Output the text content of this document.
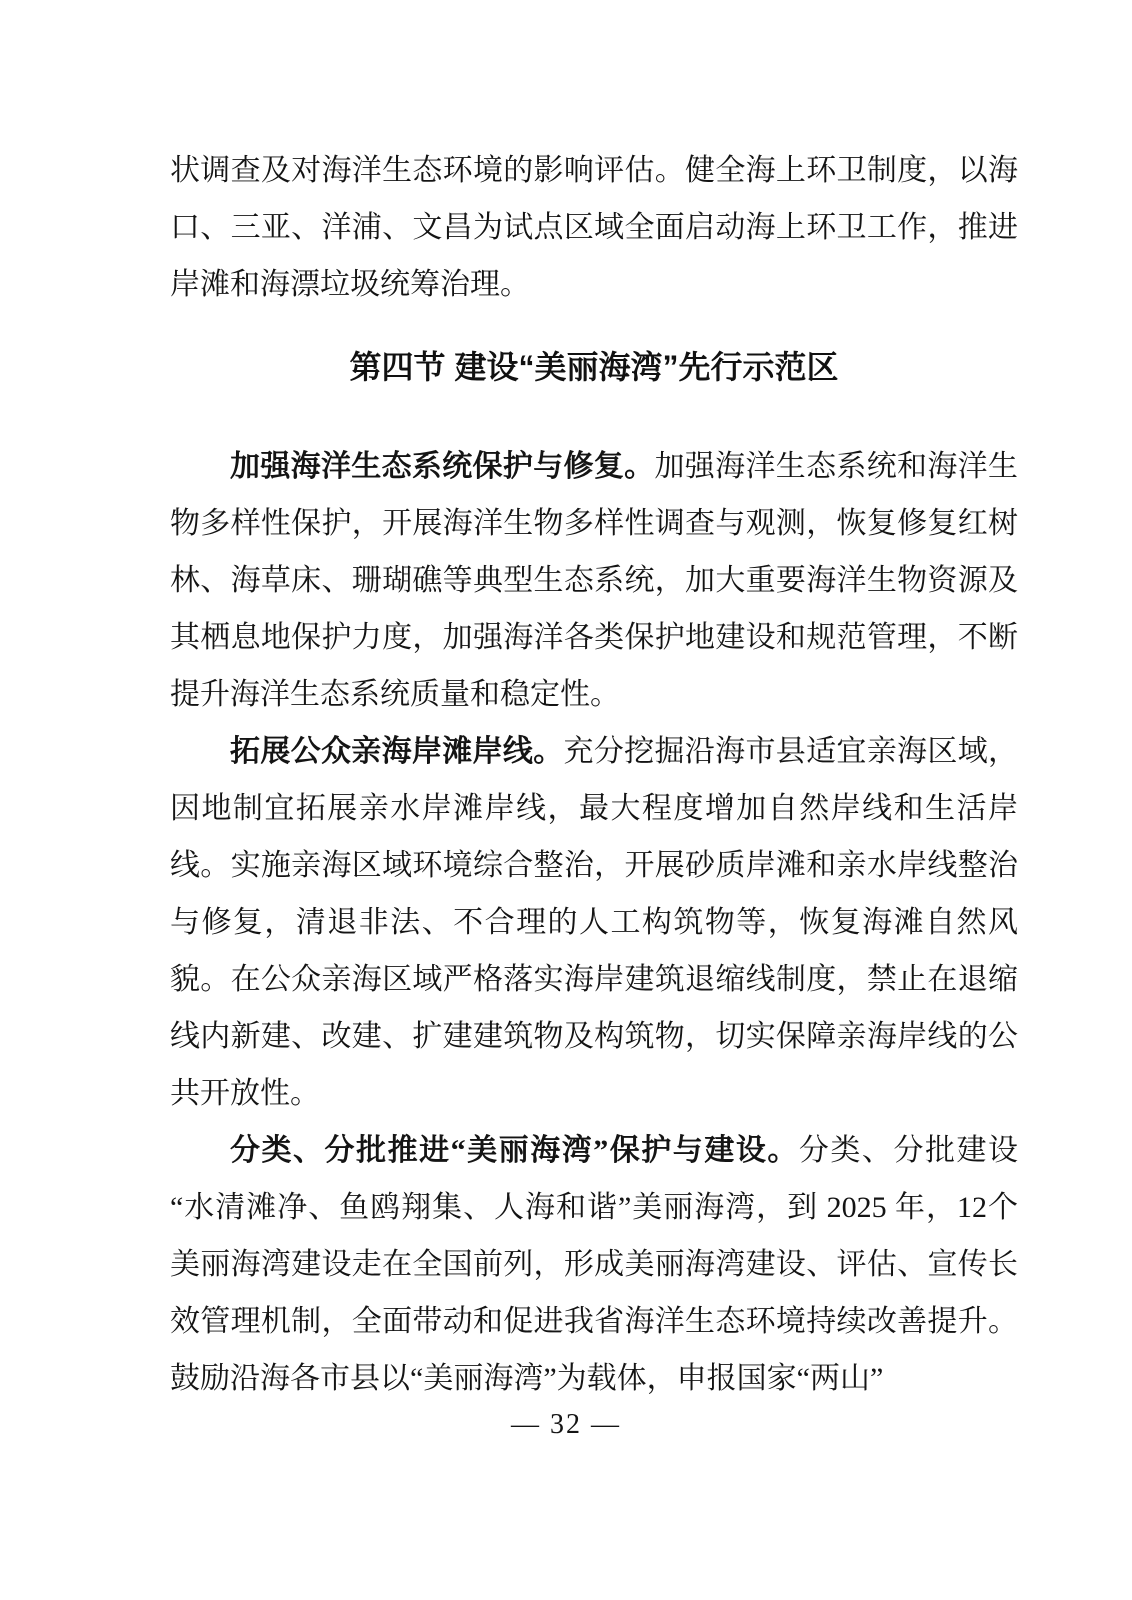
状调查及对海洋生态环境的影响评估。健全海上环卫制度，以海口、三亚、洋浦、文昌为试点区域全面启动海上环卫工作，推进岸滩和海漂垃圾统筹治理。

第四节 建设“美丽海湾”先行示范区

加强海洋生态系统保护与修复。加强海洋生态系统和海洋生物多样性保护，开展海洋生物多样性调查与观测，恢复修复红树林、海草床、珊瑚礁等典型生态系统，加大重要海洋生物资源及其栖息地保护力度，加强海洋各类保护地建设和规范管理，不断提升海洋生态系统质量和稳定性。

拓展公众亲海岸滩岸线。充分挖掘沿海市县适宜亲海区域，因地制宜拓展亲水岸滩岸线，最大程度增加自然岸线和生活岸线。实施亲海区域环境综合整治，开展砂质岸滩和亲水岸线整治与修复，清退非法、不合理的人工构筑物等，恢复海滩自然风貌。在公众亲海区域严格落实海岸建筑退缩线制度，禁止在退缩线内新建、改建、扩建建筑物及构筑物，切实保障亲海岸线的公共开放性。

分类、分批推进“美丽海湾”保护与建设。分类、分批建设“水清滩净、鱼鸥翔集、人海和谐”美丽海湾，到 2025 年，12个美丽海湾建设走在全国前列，形成美丽海湾建设、评估、宣传长效管理机制，全面带动和促进我省海洋生态环境持续改善提升。鼓励沿海各市县以“美丽海湾”为载体，申报国家“两山”

— 32 —
